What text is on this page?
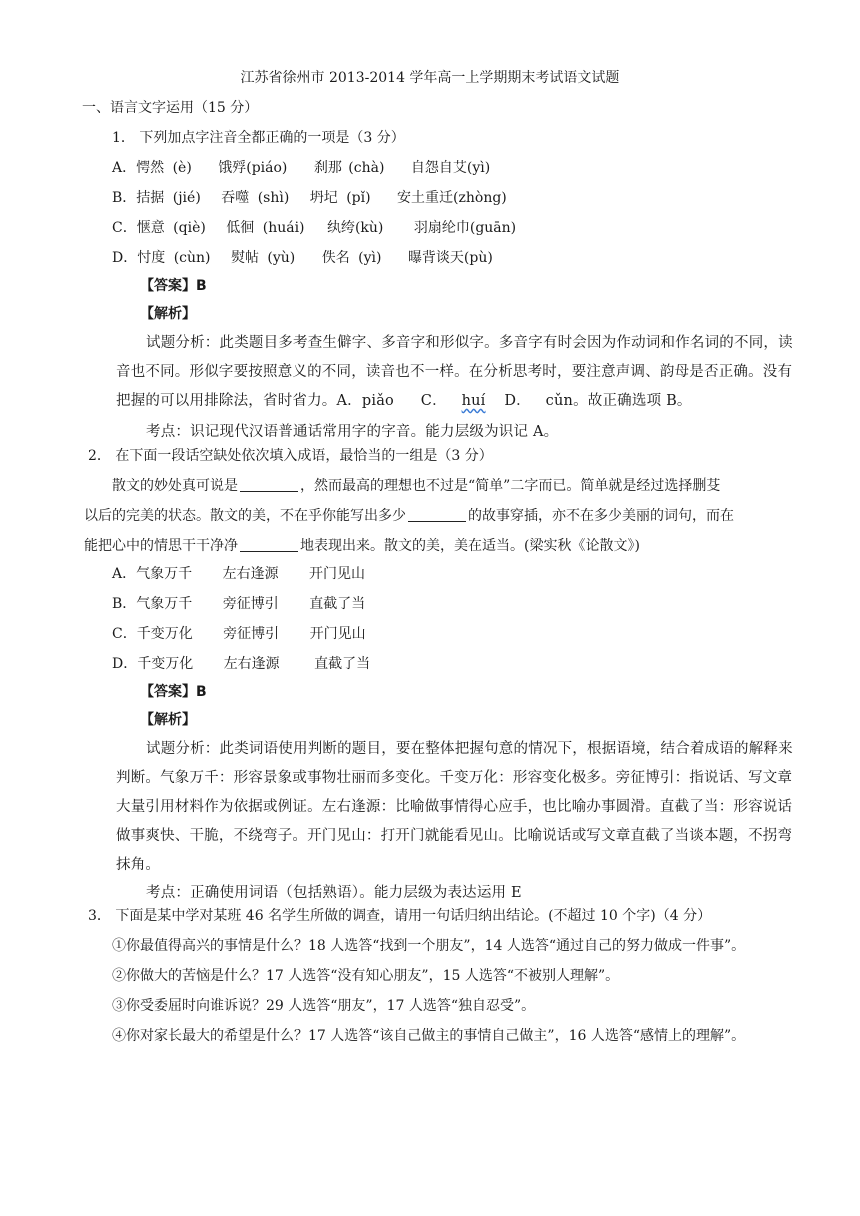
江苏省徐州市 2013-2014 学年高一上学期期末考试语文试题
一、语言文字运用（15 分）
1． 下列加点字注音全都正确的一项是（3 分）
A．愕然 (è) 饿殍(piáo) 刹那 (chà) 自怨自艾(yì)
B．拮据 (jié) 吞噬 (shì) 坍圮 (pǐ) 安土重迁(zhòng)
C．惬意 (qiè) 低徊 (huái) 纨绔(kù) 羽扇纶巾(guān)
D．忖度 (cùn) 熨帖 (yù) 佚名 (yì) 曝背谈天(pù)
【答案】B
【解析】
试题分析：此类题目多考查生僻字、多音字和形似字。多音字有时会因为作动词和作名词的不同，读
音也不同。形似字要按照意义的不同，读音也不一样。在分析思考时，要注意声调、韵母是否正确。没有
把握的可以用排除法，省时省力。A．piǎo C． huí D． cǔn。故正确选项 B。
考点：识记现代汉语普通话常用字的字音。能力层级为识记 A。
2． 在下面一段话空缺处依次填入成语，最恰当的一组是（3 分）
散文的妙处真可说是	，然而最高的理想也不过是“简单”二字而已。简单就是经过选择删芟
以后的完美的状态。散文的美，不在乎你能写出多少	的故事穿插，亦不在多少美丽的词句，而在
能把心中的情思干干净净	地表现出来。散文的美，美在适当。(梁实秋《论散文》)
A．气象万千 左右逢源 开门见山
B．气象万千 旁征博引 直截了当
C．千变万化 旁征博引 开门见山
D．千变万化 左右逢源 直截了当
【答案】B
【解析】
试题分析：此类词语使用判断的题目，要在整体把握句意的情况下，根据语境，结合着成语的解释来
判断。气象万千：形容景象或事物壮丽而多变化。千变万化：形容变化极多。旁征博引：指说话、写文章
大量引用材料作为依据或例证。左右逢源：比喻做事情得心应手，也比喻办事圆滑。直截了当：形容说话
做事爽快、干脆，不绕弯子。开门见山：打开门就能看见山。比喻说话或写文章直截了当谈本题，不拐弯
抹角。
考点：正确使用词语（包括熟语）。能力层级为表达运用 E
3． 下面是某中学对某班 46 名学生所做的调查，请用一句话归纳出结论。(不超过 10 个字)（4 分）
①你最值得高兴的事情是什么？18 人选答“找到一个朋友”，14 人选答“通过自己的努力做成一件事”。
②你做大的苦恼是什么？17 人选答“没有知心朋友”，15 人选答“不被别人理解”。
③你受委屈时向谁诉说？29 人选答“朋友”，17 人选答“独自忍受”。
④你对家长最大的希望是什么？17 人选答“该自己做主的事情自己做主”，16 人选答“感情上的理解”。
